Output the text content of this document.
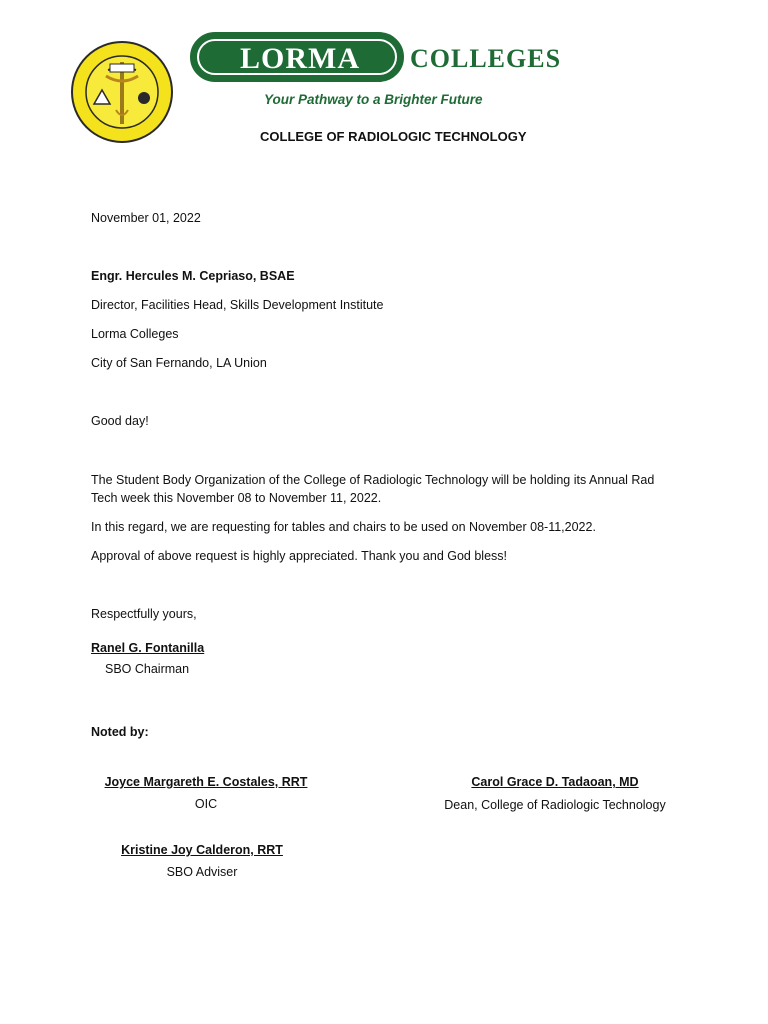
LORMA	COLLEGES
Your Pathway to a Brighter Future
COLLEGE OF RADIOLOGIC TECHNOLOGY
November 01, 2022
Engr. Hercules M. Cepriaso, BSAE
Director, Facilities Head, Skills Development Institute
Lorma Colleges
City of San Fernando, LA Union
Good day!
The Student Body Organization of the College of Radiologic Technology will be holding its Annual Rad
Tech week this November 08 to November 11, 2022.
In this regard, we are requesting for tables and chairs to be used on November 08-11,2022.
Approval of above request is highly appreciated. Thank you and God bless!
Respectfully yours,
Ranel G. Fontanilla
SBO Chairman
Noted by:
Joyce Margareth E. Costales, RRT
OIC
Carol Grace D. Tadaoan, MD
Dean, College of Radiologic Technology
Kristine Joy Calderon, RRT
SBO Adviser
